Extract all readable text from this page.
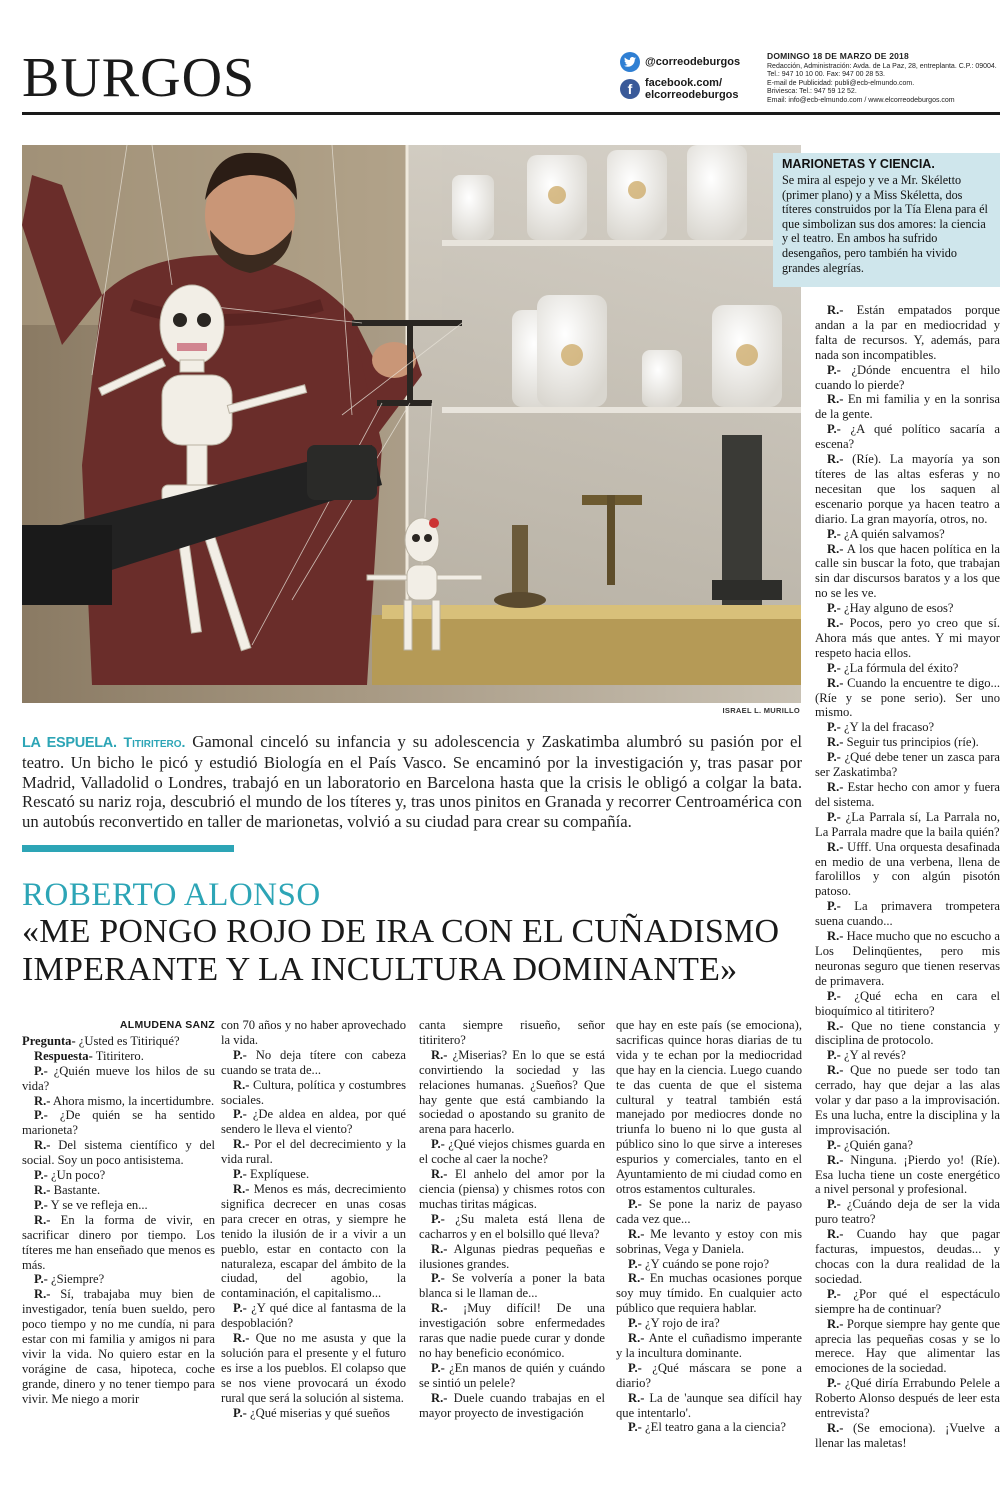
BURGOS	@correodeburgos
f	facebook.com/
elcorreodeburgos
DOMINGO 18 DE MARZO DE 2018
Redacción, Administración: Avda. de La Paz, 28, entreplanta. C.P.: 09004.
Tel.: 947 10 10 00. Fax: 947 00 28 53.
E-mail de Publicidad: publi@ecb-elmundo.com.
Briviesca: Tel.: 947 59 12 52.
Email: info@ecb-elmundo.com / www.elcorreodeburgos.com
MARIONETAS Y CIENCIA.
Se mira al espejo y ve a Mr. Skéletto (primer plano) y a Miss Skéletta, dos títeres construidos por la Tía Elena para él que simbolizan sus dos amores: la ciencia y el teatro. En ambos ha sufrido desengaños, pero también ha vivido grandes alegrías.
ISRAEL L. MURILLO
LA ESPUELA. Titiritero. Gamonal cinceló su infancia y su adolescencia y Zaskatimba alumbró su pasión por el teatro. Un bicho le picó y estudió Biología en el País Vasco. Se encaminó por la investigación y, tras pasar por Madrid, Valladolid o Londres, trabajó en un laboratorio en Barcelona hasta que la crisis le obligó a colgar la bata. Rescató su nariz roja, descubrió el mundo de los títeres y, tras unos pinitos en Granada y recorrer Centroamérica con un autobús reconvertido en taller de marionetas, volvió a su ciudad para crear su compañía.
ROBERTO ALONSO
«ME PONGO ROJO DE IRA CON EL CUÑADISMO IMPERANTE Y LA INCULTURA DOMINANTE»
ALMUDENA SANZ

Pregunta- ¿Usted es Titiriqué?

Respuesta- Titiritero.

P.- ¿Quién mueve los hilos de su vida?

R.- Ahora mismo, la incertidumbre.

P.- ¿De quién se ha sentido marioneta?

R.- Del sistema científico y del social. Soy un poco antisistema.

P.- ¿Un poco?

R.- Bastante.

P.- Y se ve refleja en...

R.- En la forma de vivir, en sacrificar dinero por tiempo. Los títeres me han enseñado que menos es más.

P.- ¿Siempre?

R.- Sí, trabajaba muy bien de investigador, tenía buen sueldo, pero poco tiempo y no me cundía, ni para estar con mi familia y amigos ni para vivir la vida. No quiero estar en la vorágine de casa, hipoteca, coche grande, dinero y no tener tiempo para vivir. Me niego a morir

con 70 años y no haber aprovechado la vida.

P.- No deja títere con cabeza cuando se trata de...

R.- Cultura, política y costumbres sociales.

P.- ¿De aldea en aldea, por qué sendero le lleva el viento?

R.- Por el del decrecimiento y la vida rural.

P.- Explíquese.

R.- Menos es más, decrecimiento significa decrecer en unas cosas para crecer en otras, y siempre he tenido la ilusión de ir a vivir a un pueblo, estar en contacto con la naturaleza, escapar del ámbito de la ciudad, del agobio, la contaminación, el capitalismo...

P.- ¿Y qué dice al fantasma de la despoblación?

R.- Que no me asusta y que la solución para el presente y el futuro es irse a los pueblos. El colapso que se nos viene provocará un éxodo rural que será la solución al sistema.

P.- ¿Qué miserias y qué sueños

canta siempre risueño, señor titiritero?

R.- ¿Miserias? En lo que se está convirtiendo la sociedad y las relaciones humanas. ¿Sueños? Que hay gente que está cambiando la sociedad o apostando su granito de arena para hacerlo.

P.- ¿Qué viejos chismes guarda en el coche al caer la noche?

R.- El anhelo del amor por la ciencia (piensa) y chismes rotos con muchas tiritas mágicas.

P.- ¿Su maleta está llena de cacharros y en el bolsillo qué lleva?

R.- Algunas piedras pequeñas e ilusiones grandes.

P.- Se volvería a poner la bata blanca si le llaman de...

R.- ¡Muy difícil! De una investigación sobre enfermedades raras que nadie puede curar y donde no hay beneficio económico.

P.- ¿En manos de quién y cuándo se sintió un pelele?

R.- Duele cuando trabajas en el mayor proyecto de investigación

que hay en este país (se emociona), sacrificas quince horas diarias de tu vida y te echan por la mediocridad que hay en la ciencia. Luego cuando te das cuenta de que el sistema cultural y teatral también está manejado por mediocres donde no triunfa lo bueno ni lo que gusta al público sino lo que sirve a intereses espurios y comerciales, tanto en el Ayuntamiento de mi ciudad como en otros estamentos culturales.

P.- Se pone la nariz de payaso cada vez que...

R.- Me levanto y estoy con mis sobrinas, Vega y Daniela.

P.- ¿Y cuándo se pone rojo?

R.- En muchas ocasiones porque soy muy tímido. En cualquier acto público que requiera hablar.

P.- ¿Y rojo de ira?

R.- Ante el cuñadismo imperante y la incultura dominante.

P.- ¿Qué máscara se pone a diario?

R.- La de 'aunque sea difícil hay que intentarlo'.

P.- ¿El teatro gana a la ciencia?

R.- Están empatados porque andan a la par en mediocridad y falta de recursos. Y, además, para nada son incompatibles.

P.- ¿Dónde encuentra el hilo cuando lo pierde?

R.- En mi familia y en la sonrisa de la gente.

P.- ¿A qué político sacaría a escena?

R.- (Ríe). La mayoría ya son títeres de las altas esferas y no necesitan que los saquen al escenario porque ya hacen teatro a diario. La gran mayoría, otros, no.

P.- ¿A quién salvamos?

R.- A los que hacen política en la calle sin buscar la foto, que trabajan sin dar discursos baratos y a los que no se les ve.

P.- ¿Hay alguno de esos?

R.- Pocos, pero yo creo que sí. Ahora más que antes. Y mi mayor respeto hacia ellos.

P.- ¿La fórmula del éxito?

R.- Cuando la encuentre te digo... (Ríe y se pone serio). Ser uno mismo.

P.- ¿Y la del fracaso?

R.- Seguir tus principios (ríe).

P.- ¿Qué debe tener un zasca para ser Zaskatimba?

R.- Estar hecho con amor y fuera del sistema.

P.- ¿La Parrala sí, La Parrala no, La Parrala madre que la baila quién?

R.- Ufff. Una orquesta desafinada en medio de una verbena, llena de farolillos y con algún pisotón patoso.

P.- La primavera trompetera suena cuando...

R.- Hace mucho que no escucho a Los Delinqüentes, pero mis neuronas seguro que tienen reservas de primavera.

P.- ¿Qué echa en cara el bioquímico al titiritero?

R.- Que no tiene constancia y disciplina de protocolo.

P.- ¿Y al revés?

R.- Que no puede ser todo tan cerrado, hay que dejar a las alas volar y dar paso a la improvisación. Es una lucha, entre la disciplina y la improvisación.

P.- ¿Quién gana?

R.- Ninguna. ¡Pierdo yo! (Ríe). Esa lucha tiene un coste energético a nivel personal y profesional.

P.- ¿Cuándo deja de ser la vida puro teatro?

R.- Cuando hay que pagar facturas, impuestos, deudas... y chocas con la dura realidad de la sociedad.

P.- ¿Por qué el espectáculo siempre ha de continuar?

R.- Porque siempre hay gente que aprecia las pequeñas cosas y se lo merece. Hay que alimentar las emociones de la sociedad.

P.- ¿Qué diría Errabundo Pelele a Roberto Alonso después de leer esta entrevista?

R.- (Se emociona). ¡Vuelve a llenar las maletas!
